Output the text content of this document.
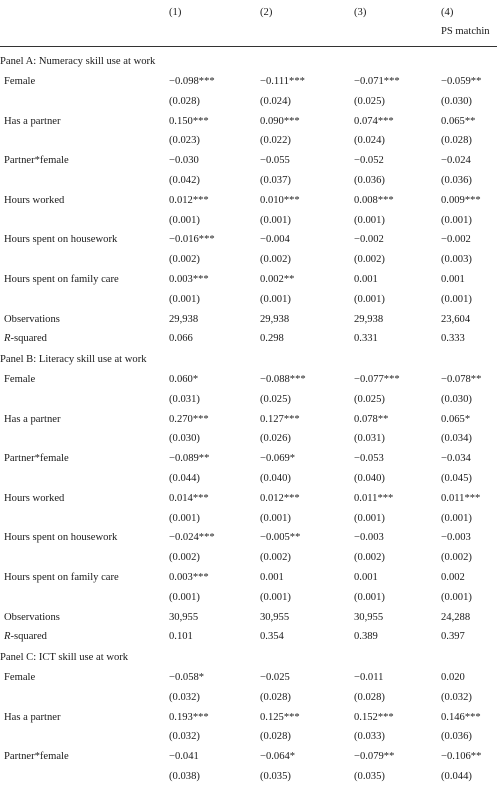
(1)	(2)	(3)	(4)
PS matchin
Panel A: Numeracy skill use at work
Female	−0.098***	−0.111***	−0.071***	−0.059**
(0.028)	(0.024)	(0.025)	(0.030)
Has a partner	0.150***	0.090***	0.074***	0.065**
(0.023)	(0.022)	(0.024)	(0.028)
Partner*female	−0.030	−0.055	−0.052	−0.024
(0.042)	(0.037)	(0.036)	(0.036)
Hours worked	0.012***	0.010***	0.008***	0.009***
(0.001)	(0.001)	(0.001)	(0.001)
Hours spent on housework	−0.016***	−0.004	−0.002	−0.002
(0.002)	(0.002)	(0.002)	(0.003)
Hours spent on family care	0.003***	0.002**	0.001	0.001
(0.001)	(0.001)	(0.001)	(0.001)
Observations	29,938	29,938	29,938	23,604
R-squared	0.066	0.298	0.331	0.333
Panel B: Literacy skill use at work
Female	0.060*	−0.088***	−0.077***	−0.078**
(0.031)	(0.025)	(0.025)	(0.030)
Has a partner	0.270***	0.127***	0.078**	0.065*
(0.030)	(0.026)	(0.031)	(0.034)
Partner*female	−0.089**	−0.069*	−0.053	−0.034
(0.044)	(0.040)	(0.040)	(0.045)
Hours worked	0.014***	0.012***	0.011***	0.011***
(0.001)	(0.001)	(0.001)	(0.001)
Hours spent on housework	−0.024***	−0.005**	−0.003	−0.003
(0.002)	(0.002)	(0.002)	(0.002)
Hours spent on family care	0.003***	0.001	0.001	0.002
(0.001)	(0.001)	(0.001)	(0.001)
Observations	30,955	30,955	30,955	24,288
R-squared	0.101	0.354	0.389	0.397
Panel C: ICT skill use at work
Female	−0.058*	−0.025	−0.011	0.020
(0.032)	(0.028)	(0.028)	(0.032)
Has a partner	0.193***	0.125***	0.152***	0.146***
(0.032)	(0.028)	(0.033)	(0.036)
Partner*female	−0.041	−0.064*	−0.079**	−0.106**
(0.038)	(0.035)	(0.035)	(0.044)
